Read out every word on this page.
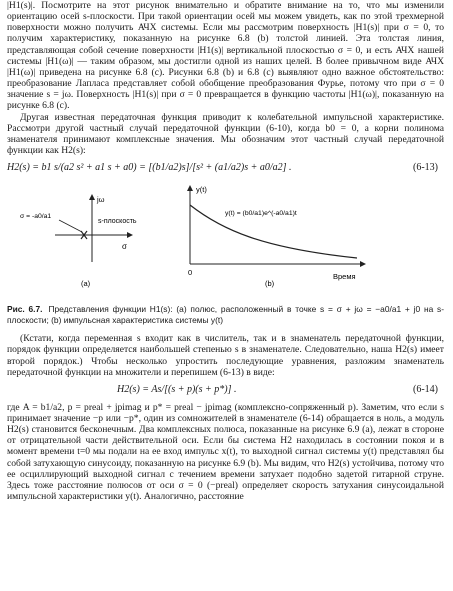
|H1(s)|. Посмотрите на этот рисунок внимательно и обратите внимание на то, что мы изменили ориентацию осей s-плоскости. При такой ориентации осей мы можем увидеть, как по этой трехмерной поверхности можно получить АЧХ системы. Если мы рассмотрим поверхность |H1(s)| при σ = 0, то получим характеристику, показанную на рисунке 6.8 (b) толстой линией. Эта толстая линия, представляющая собой сечение поверхности |H1(s)| вертикальной плоскостью σ = 0, и есть АЧХ нашей системы |H1(ω)| — таким образом, мы достигли одной из наших целей. В более привычном виде АЧХ |H1(ω)| приведена на рисунке 6.8 (c). Рисунки 6.8 (b) и 6.8 (c) выявляют одно важное обстоятельство: преобразование Лапласа представляет собой обобщение преобразования Фурье, потому что при σ = 0 значение s = jω. Поверхность |H1(s)| при σ = 0 превращается в функцию частоты |H1(ω)|, показанную на рисунке 6.8 (c).

Другая известная передаточная функция приводит к колебательной импульсной характеристике. Рассмотри другой частный случай передаточной функции (6-10), когда b0 = 0, а корни полинома знаменателя принимают комплексные значения. Мы обозначим этот частный случай передаточной функции как H2(s):

H2(s) = b1 s/(a2 s² + a1 s + a0) = [(b1/a2)s]/[s² + (a1/a2)s + a0/a2] .	(6-13)
jω
s-плоскость
σ = -a0/a1
σ
(a)
y(t)
y(t) = (b0/a1)e^(-a0/a1)t
0	Время
(b)

Рис. 6.7. Представления функции H1(s): (a) полюс, расположенный в точке s = σ + jω = −a0/a1 + j0 на s-плоскости; (b) импульсная характеристика системы y(t)

(Кстати, когда переменная s входит как в числитель, так и в знаменатель передаточной функции, порядок функции определяется наибольшей степенью s в знаменателе. Следовательно, наша H2(s) имеет второй порядок.) Чтобы несколько упростить последующие уравнения, разложим знаменатель передаточной функции на множители и перепишем (6-13) в виде:

H2(s) = As/[(s + p)(s + p*)] .	(6-14)

где A = b1/a2, p = preal + jpimag и p* = preal − jpimag (комплексно-сопряженный p). Заметим, что если s принимает значение −p или −p*, один из сомножителей в знаменателе (6-14) обращается в ноль, а модуль H2(s) становится бесконечным. Два комплексных полюса, показанные на рисунке 6.9 (a), лежат в стороне от отрицательной части действительной оси. Если бы система H2 находилась в состоянии покоя и в момент времени t=0 мы подали на ее вход импульс x(t), то выходной сигнал системы y(t) представлял бы собой затухающую синусоиду, показанную на рисунке 6.9 (b). Мы видим, что H2(s) устойчива, потому что ее осциллирующий выходной сигнал с течением времени затухает подобно задетой гитарной струне. Здесь тоже расстояние полюсов от оси σ = 0 (−preal) определяет скорость затухания синусоидальной импульсной характеристики y(t). Аналогично, расстояние
